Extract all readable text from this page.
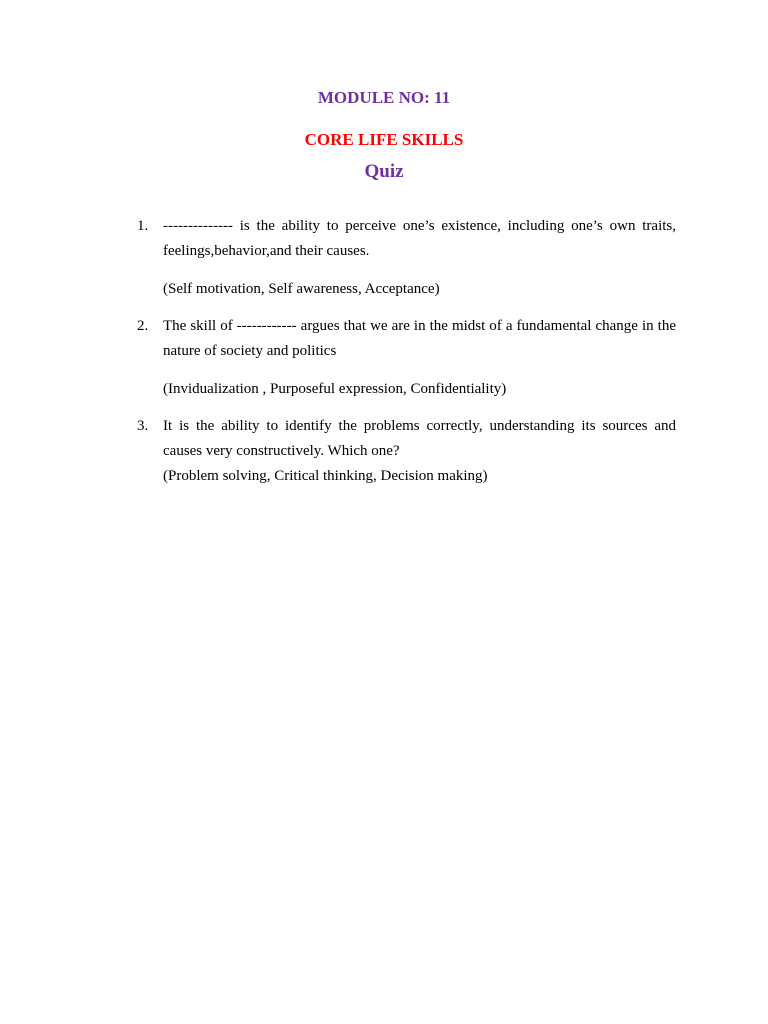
MODULE NO: 11
CORE LIFE SKILLS
Quiz
1. -------------- is the ability to perceive one’s existence, including one’s own traits, feelings,behavior,and their causes.

(Self motivation, Self awareness, Acceptance)

2. The skill of ------------ argues that we are in the midst of a fundamental change in the nature of society and politics

(Invidualization , Purposeful expression, Confidentiality)

3. It is the ability to identify the problems correctly, understanding its sources and causes very constructively. Which one?

(Problem solving, Critical thinking, Decision making)
